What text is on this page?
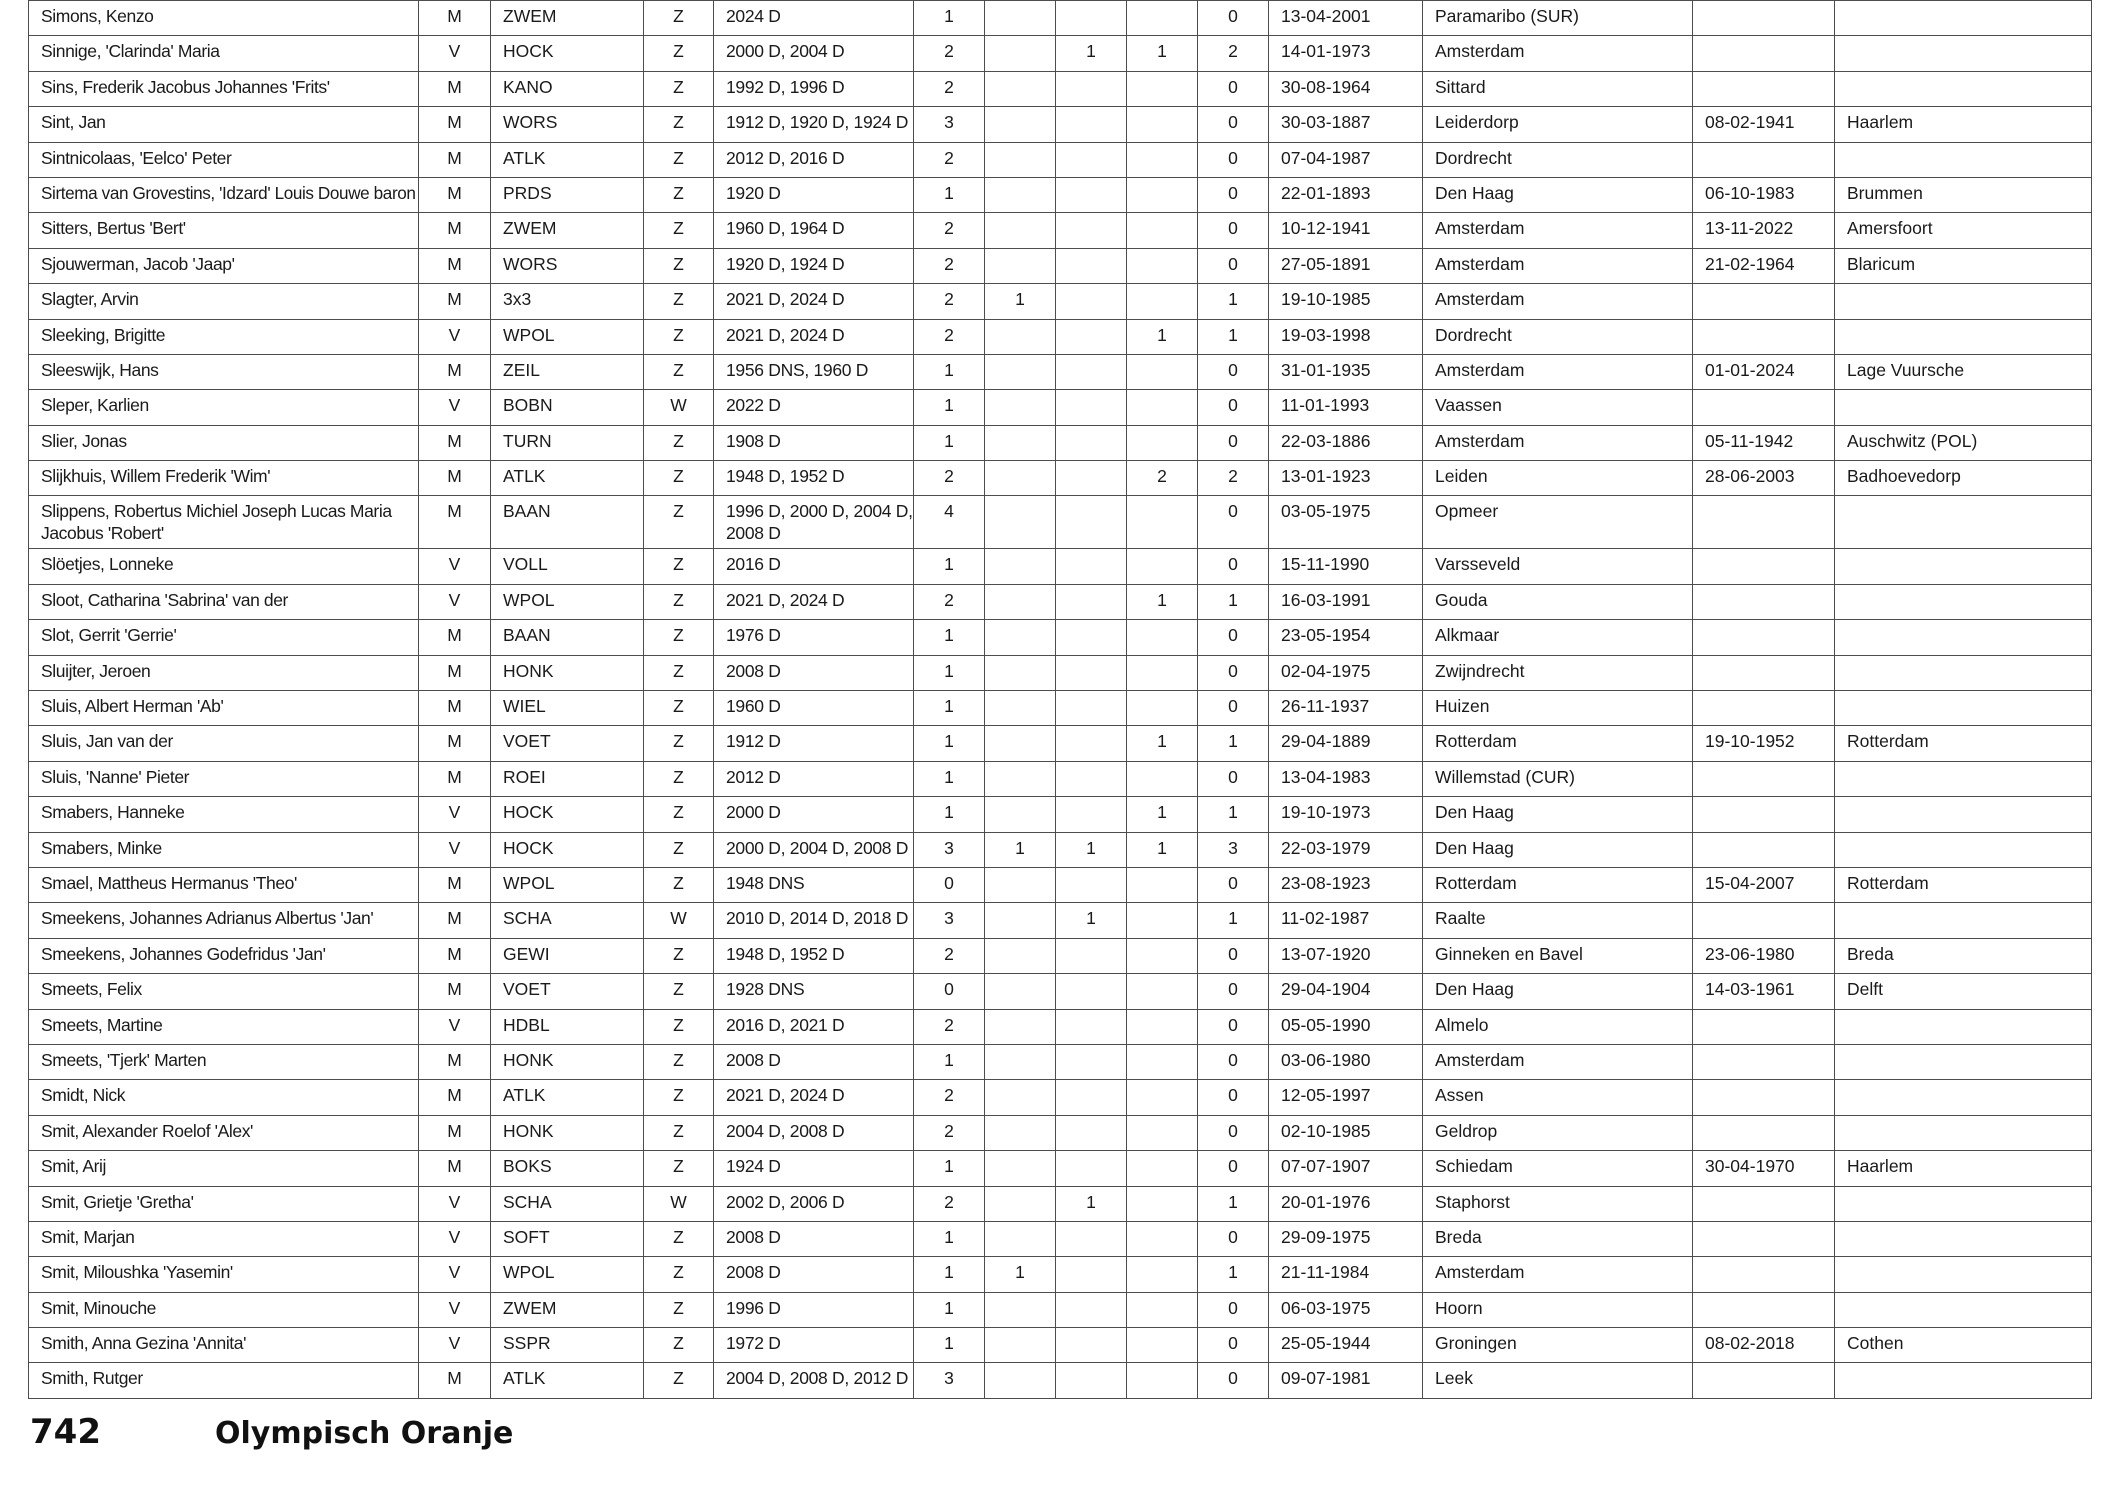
Simons, Kenzo	M	ZWEM	Z	2024 D	1				0	13-04-2001	Paramaribo (SUR)		
Sinnige, 'Clarinda' Maria	V	HOCK	Z	2000 D, 2004 D	2		1	1	2	14-01-1973	Amsterdam		
Sins, Frederik Jacobus Johannes 'Frits'	M	KANO	Z	1992 D, 1996 D	2				0	30-08-1964	Sittard		
Sint, Jan	M	WORS	Z	1912 D, 1920 D, 1924 D	3				0	30-03-1887	Leiderdorp	08-02-1941	Haarlem
Sintnicolaas, 'Eelco' Peter	M	ATLK	Z	2012 D, 2016 D	2				0	07-04-1987	Dordrecht		
Sirtema van Grovestins, 'Idzard' Louis Douwe baron	M	PRDS	Z	1920 D	1				0	22-01-1893	Den Haag	06-10-1983	Brummen
Sitters, Bertus 'Bert'	M	ZWEM	Z	1960 D, 1964 D	2				0	10-12-1941	Amsterdam	13-11-2022	Amersfoort
Sjouwerman, Jacob 'Jaap'	M	WORS	Z	1920 D, 1924 D	2				0	27-05-1891	Amsterdam	21-02-1964	Blaricum
Slagter, Arvin	M	3x3	Z	2021 D, 2024 D	2	1			1	19-10-1985	Amsterdam		
Sleeking, Brigitte	V	WPOL	Z	2021 D, 2024 D	2			1	1	19-03-1998	Dordrecht		
Sleeswijk, Hans	M	ZEIL	Z	1956 DNS, 1960 D	1				0	31-01-1935	Amsterdam	01-01-2024	Lage Vuursche
Sleper, Karlien	V	BOBN	W	2022 D	1				0	11-01-1993	Vaassen		
Slier, Jonas	M	TURN	Z	1908 D	1				0	22-03-1886	Amsterdam	05-11-1942	Auschwitz (POL)
Slijkhuis, Willem Frederik 'Wim'	M	ATLK	Z	1948 D, 1952 D	2			2	2	13-01-1923	Leiden	28-06-2003	Badhoevedorp
Slippens, Robertus Michiel Joseph Lucas Maria Jacobus 'Robert'	M	BAAN	Z	1996 D, 2000 D, 2004 D, 2008 D	4				0	03-05-1975	Opmeer		
Slöetjes, Lonneke	V	VOLL	Z	2016 D	1				0	15-11-1990	Varsseveld		
Sloot, Catharina 'Sabrina' van der	V	WPOL	Z	2021 D, 2024 D	2			1	1	16-03-1991	Gouda		
Slot, Gerrit 'Gerrie'	M	BAAN	Z	1976 D	1				0	23-05-1954	Alkmaar		
Sluijter, Jeroen	M	HONK	Z	2008 D	1				0	02-04-1975	Zwijndrecht		
Sluis, Albert Herman 'Ab'	M	WIEL	Z	1960 D	1				0	26-11-1937	Huizen		
Sluis, Jan van der	M	VOET	Z	1912 D	1			1	1	29-04-1889	Rotterdam	19-10-1952	Rotterdam
Sluis, 'Nanne' Pieter	M	ROEI	Z	2012 D	1				0	13-04-1983	Willemstad (CUR)		
Smabers, Hanneke	V	HOCK	Z	2000 D	1			1	1	19-10-1973	Den Haag		
Smabers, Minke	V	HOCK	Z	2000 D, 2004 D, 2008 D	3	1	1	1	3	22-03-1979	Den Haag		
Smael, Mattheus Hermanus 'Theo'	M	WPOL	Z	1948 DNS	0				0	23-08-1923	Rotterdam	15-04-2007	Rotterdam
Smeekens, Johannes Adrianus Albertus 'Jan'	M	SCHA	W	2010 D, 2014 D, 2018 D	3		1		1	11-02-1987	Raalte		
Smeekens, Johannes Godefridus 'Jan'	M	GEWI	Z	1948 D, 1952 D	2				0	13-07-1920	Ginneken en Bavel	23-06-1980	Breda
Smeets, Felix	M	VOET	Z	1928 DNS	0				0	29-04-1904	Den Haag	14-03-1961	Delft
Smeets, Martine	V	HDBL	Z	2016 D, 2021 D	2				0	05-05-1990	Almelo		
Smeets, 'Tjerk' Marten	M	HONK	Z	2008 D	1				0	03-06-1980	Amsterdam		
Smidt, Nick	M	ATLK	Z	2021 D, 2024 D	2				0	12-05-1997	Assen		
Smit, Alexander Roelof 'Alex'	M	HONK	Z	2004 D, 2008 D	2				0	02-10-1985	Geldrop		
Smit, Arij	M	BOKS	Z	1924 D	1				0	07-07-1907	Schiedam	30-04-1970	Haarlem
Smit, Grietje 'Gretha'	V	SCHA	W	2002 D, 2006 D	2		1		1	20-01-1976	Staphorst		
Smit, Marjan	V	SOFT	Z	2008 D	1				0	29-09-1975	Breda		
Smit, Miloushka 'Yasemin'	V	WPOL	Z	2008 D	1	1			1	21-11-1984	Amsterdam		
Smit, Minouche	V	ZWEM	Z	1996 D	1				0	06-03-1975	Hoorn		
Smith, Anna Gezina 'Annita'	V	SSPR	Z	1972 D	1				0	25-05-1944	Groningen	08-02-2018	Cothen
Smith, Rutger	M	ATLK	Z	2004 D, 2008 D, 2012 D	3				0	09-07-1981	Leek		
742	Olympisch Oranje
